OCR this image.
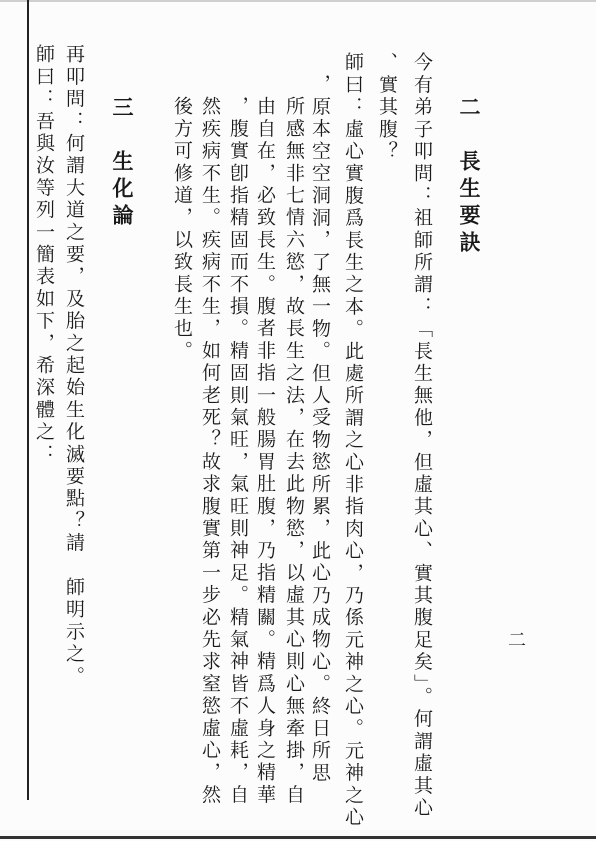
二　長生要訣
今有弟子叩問：祖師所謂：「長生無他，但虛其心、實其腹足矣」。何謂虛其心
、實其腹？
師曰：虛心實腹爲長生之本。此處所謂之心非指肉心，乃係元神之心。元神之心
，原本空空洞洞，了無一物。但人受物慾所累，此心乃成物心。終日所思
所感無非七情六慾，故長生之法，在去此物慾，以虛其心則心無牽掛，自
由自在，必致長生。腹者非指一般腸胃肚腹，乃指精關。精爲人身之精華
，腹實卽指精固而不損。精固則氣旺，氣旺則神足。精氣神皆不虛耗，自
然疾病不生。疾病不生，如何老死？故求腹實第一步必先求窒慾虛心，然
後方可修道，以致長生也。
三　生化論
再叩問：何謂大道之要，及胎之起始生化滅要點？請　師明示之。
師曰：吾與汝等列一簡表如下，希深體之：
二
